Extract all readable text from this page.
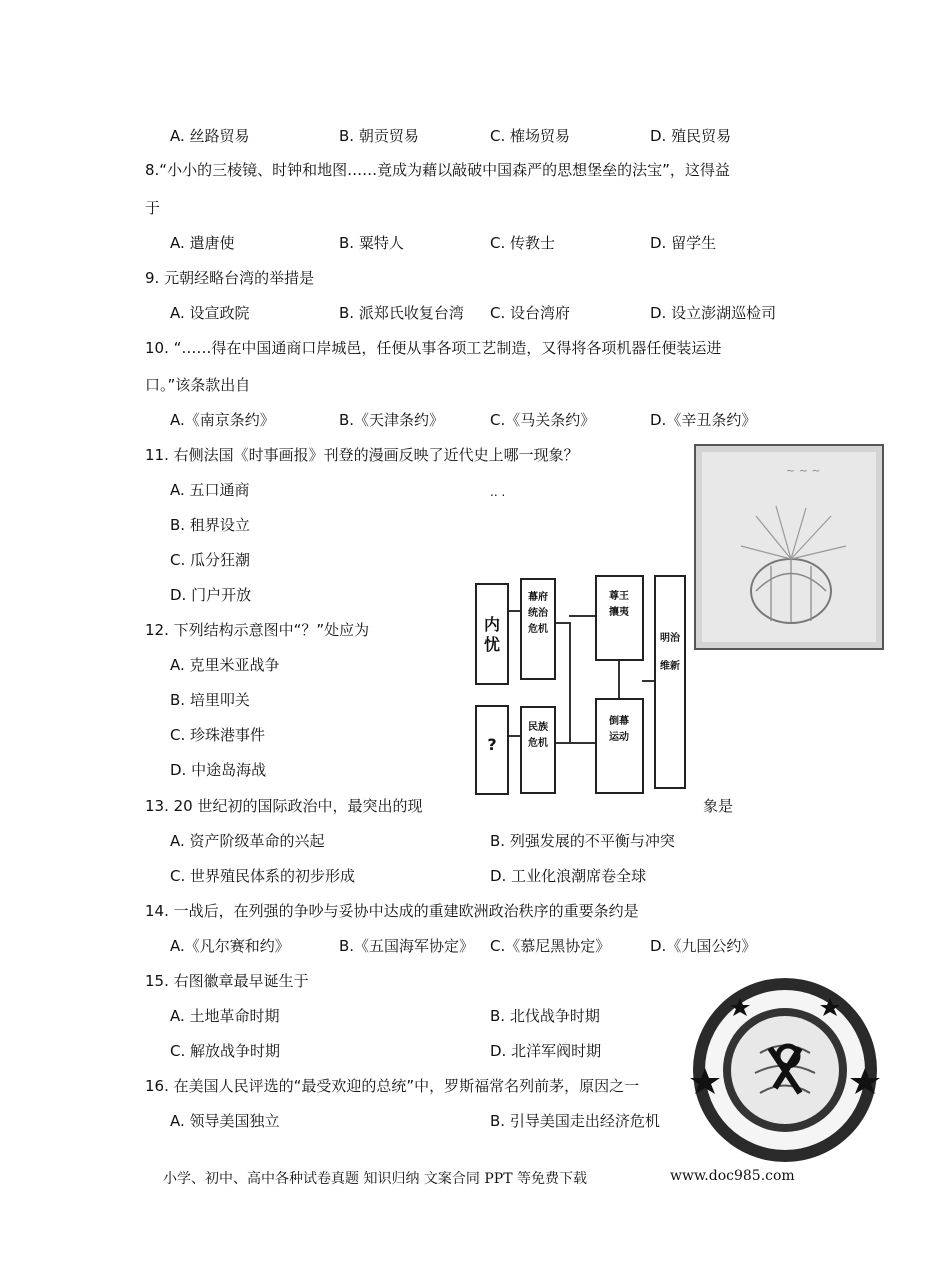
A. 丝路贸易	B. 朝贡贸易	C. 榷场贸易	D. 殖民贸易
8.“小小的三棱镜、时钟和地图……竟成为藉以敲破中国森严的思想堡垒的法宝”，这得益
于
A. 遣唐使	B. 粟特人	C. 传教士	D. 留学生
9. 元朝经略台湾的举措是
A. 设宣政院	B. 派郑氏收复台湾 C. 设台湾府	D. 设立澎湖巡检司
10. “……得在中国通商口岸城邑，任便从事各项工艺制造，又得将各项机器任便装运进
口。”该条款出自
A.《南京条约》	B.《天津条约》	C.《马关条约》	D.《辛丑条约》
11. 右侧法国《时事画报》刊登的漫画反映了近代史上哪一现象？
A. 五口通商	.. .
B. 租界设立
C. 瓜分狂潮
D. 门户开放
~ ~ ~
12. 下列结构示意图中“？”处应为
A. 克里米亚战争
B. 培里叩关
C. 珍珠港事件
D. 中途岛海战
内忧
?
幕府统治危机
民族危机
尊王攘夷
倒幕运动
明治维新
13. 20 世纪初的国际政治中，最突出的现	象是
A. 资产阶级革命的兴起	B. 列强发展的不平衡与冲突
C. 世界殖民体系的初步形成	D. 工业化浪潮席卷全球
14. 一战后，在列强的争吵与妥协中达成的重建欧洲政治秩序的重要条约是
A.《凡尔赛和约》	B.《五国海军协定》 C.《慕尼黑协定》	D.《九国公约》
15. 右图徽章最早诞生于
A. 土地革命时期	B. 北伐战争时期
C. 解放战争时期	D. 北洋军阀时期
16. 在美国人民评选的“最受欢迎的总统”中，罗斯福常名列前茅，原因之一
A. 领导美国独立	B. 引导美国走出经济危机
小学、初中、高中各种试卷真题 知识归纳 文案合同 PPT 等免费下载	www.doc985.com
